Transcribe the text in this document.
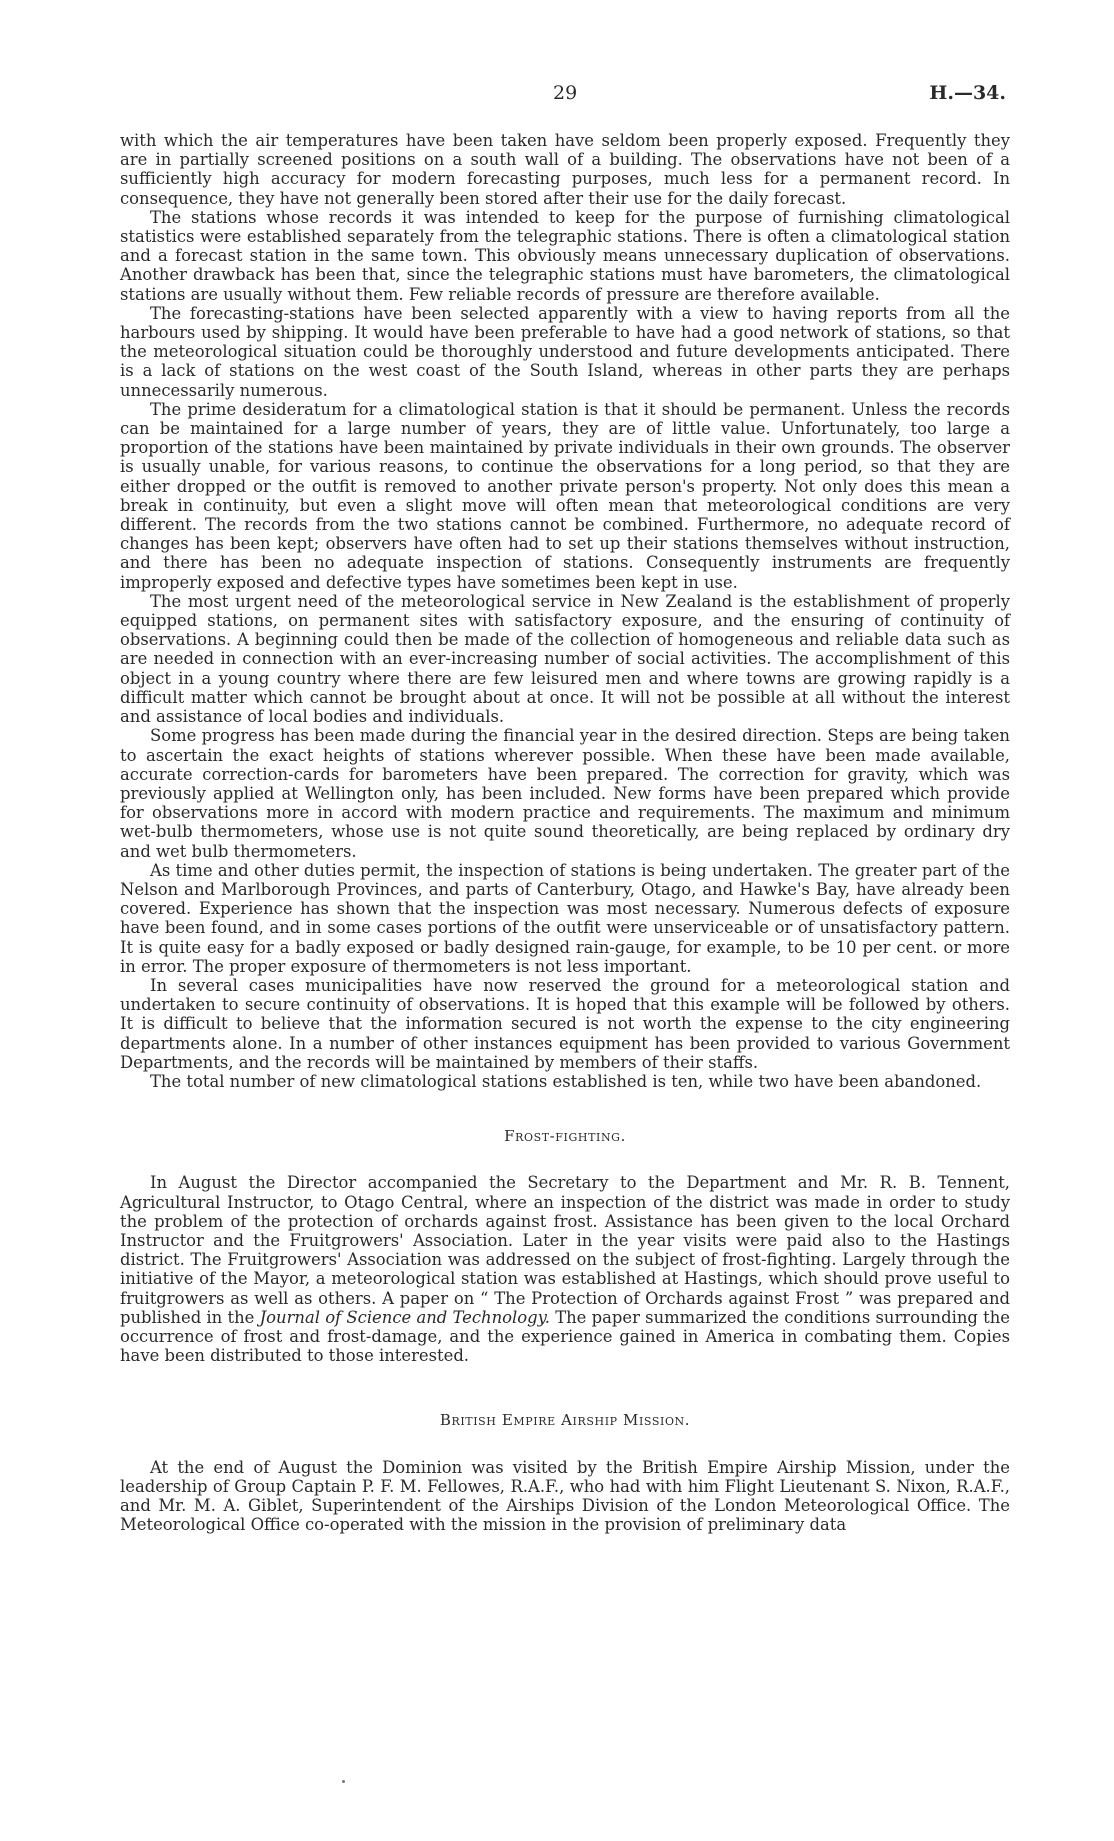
29	H.—34.

with which the air temperatures have been taken have seldom been properly exposed. Frequently they are in partially screened positions on a south wall of a building. The observations have not been of a sufficiently high accuracy for modern forecasting purposes, much less for a permanent record. In consequence, they have not generally been stored after their use for the daily forecast.

The stations whose records it was intended to keep for the purpose of furnishing climatological statistics were established separately from the telegraphic stations. There is often a climatological station and a forecast station in the same town. This obviously means unnecessary duplication of observations. Another drawback has been that, since the telegraphic stations must have barometers, the climatological stations are usually without them. Few reliable records of pressure are therefore available.

The forecasting-stations have been selected apparently with a view to having reports from all the harbours used by shipping. It would have been preferable to have had a good network of stations, so that the meteorological situation could be thoroughly understood and future developments anticipated. There is a lack of stations on the west coast of the South Island, whereas in other parts they are perhaps unnecessarily numerous.

The prime desideratum for a climatological station is that it should be permanent. Unless the records can be maintained for a large number of years, they are of little value. Unfortunately, too large a proportion of the stations have been maintained by private individuals in their own grounds. The observer is usually unable, for various reasons, to continue the observations for a long period, so that they are either dropped or the outfit is removed to another private person's property. Not only does this mean a break in continuity, but even a slight move will often mean that meteorological conditions are very different. The records from the two stations cannot be combined. Furthermore, no adequate record of changes has been kept; observers have often had to set up their stations themselves without instruction, and there has been no adequate inspection of stations. Consequently instruments are frequently improperly exposed and defective types have sometimes been kept in use.

The most urgent need of the meteorological service in New Zealand is the establishment of properly equipped stations, on permanent sites with satisfactory exposure, and the ensuring of continuity of observations. A beginning could then be made of the collection of homogeneous and reliable data such as are needed in connection with an ever-increasing number of social activities. The accomplishment of this object in a young country where there are few leisured men and where towns are growing rapidly is a difficult matter which cannot be brought about at once. It will not be possible at all without the interest and assistance of local bodies and individuals.

Some progress has been made during the financial year in the desired direction. Steps are being taken to ascertain the exact heights of stations wherever possible. When these have been made available, accurate correction-cards for barometers have been prepared. The correction for gravity, which was previously applied at Wellington only, has been included. New forms have been prepared which provide for observations more in accord with modern practice and requirements. The maximum and minimum wet-bulb thermometers, whose use is not quite sound theoretically, are being replaced by ordinary dry and wet bulb thermometers.

As time and other duties permit, the inspection of stations is being undertaken. The greater part of the Nelson and Marlborough Provinces, and parts of Canterbury, Otago, and Hawke's Bay, have already been covered. Experience has shown that the inspection was most necessary. Numerous defects of exposure have been found, and in some cases portions of the outfit were unserviceable or of unsatisfactory pattern. It is quite easy for a badly exposed or badly designed rain-gauge, for example, to be 10 per cent. or more in error. The proper exposure of thermometers is not less important.

In several cases municipalities have now reserved the ground for a meteorological station and undertaken to secure continuity of observations. It is hoped that this example will be followed by others. It is difficult to believe that the information secured is not worth the expense to the city engineering departments alone. In a number of other instances equipment has been provided to various Government Departments, and the records will be maintained by members of their staffs.

The total number of new climatological stations established is ten, while two have been abandoned.

Frost-fighting.

In August the Director accompanied the Secretary to the Department and Mr. R. B. Tennent, Agricultural Instructor, to Otago Central, where an inspection of the district was made in order to study the problem of the protection of orchards against frost. Assistance has been given to the local Orchard Instructor and the Fruitgrowers' Association. Later in the year visits were paid also to the Hastings district. The Fruitgrowers' Association was addressed on the subject of frost-fighting. Largely through the initiative of the Mayor, a meteorological station was established at Hastings, which should prove useful to fruitgrowers as well as others. A paper on “ The Protection of Orchards against Frost ” was prepared and published in the Journal of Science and Technology. The paper summarized the conditions surrounding the occurrence of frost and frost-damage, and the experience gained in America in combating them. Copies have been distributed to those interested.

British Empire Airship Mission.

At the end of August the Dominion was visited by the British Empire Airship Mission, under the leadership of Group Captain P. F. M. Fellowes, R.A.F., who had with him Flight Lieutenant S. Nixon, R.A.F., and Mr. M. A. Giblet, Superintendent of the Airships Division of the London Meteorological Office. The Meteorological Office co-operated with the mission in the provision of preliminary data
